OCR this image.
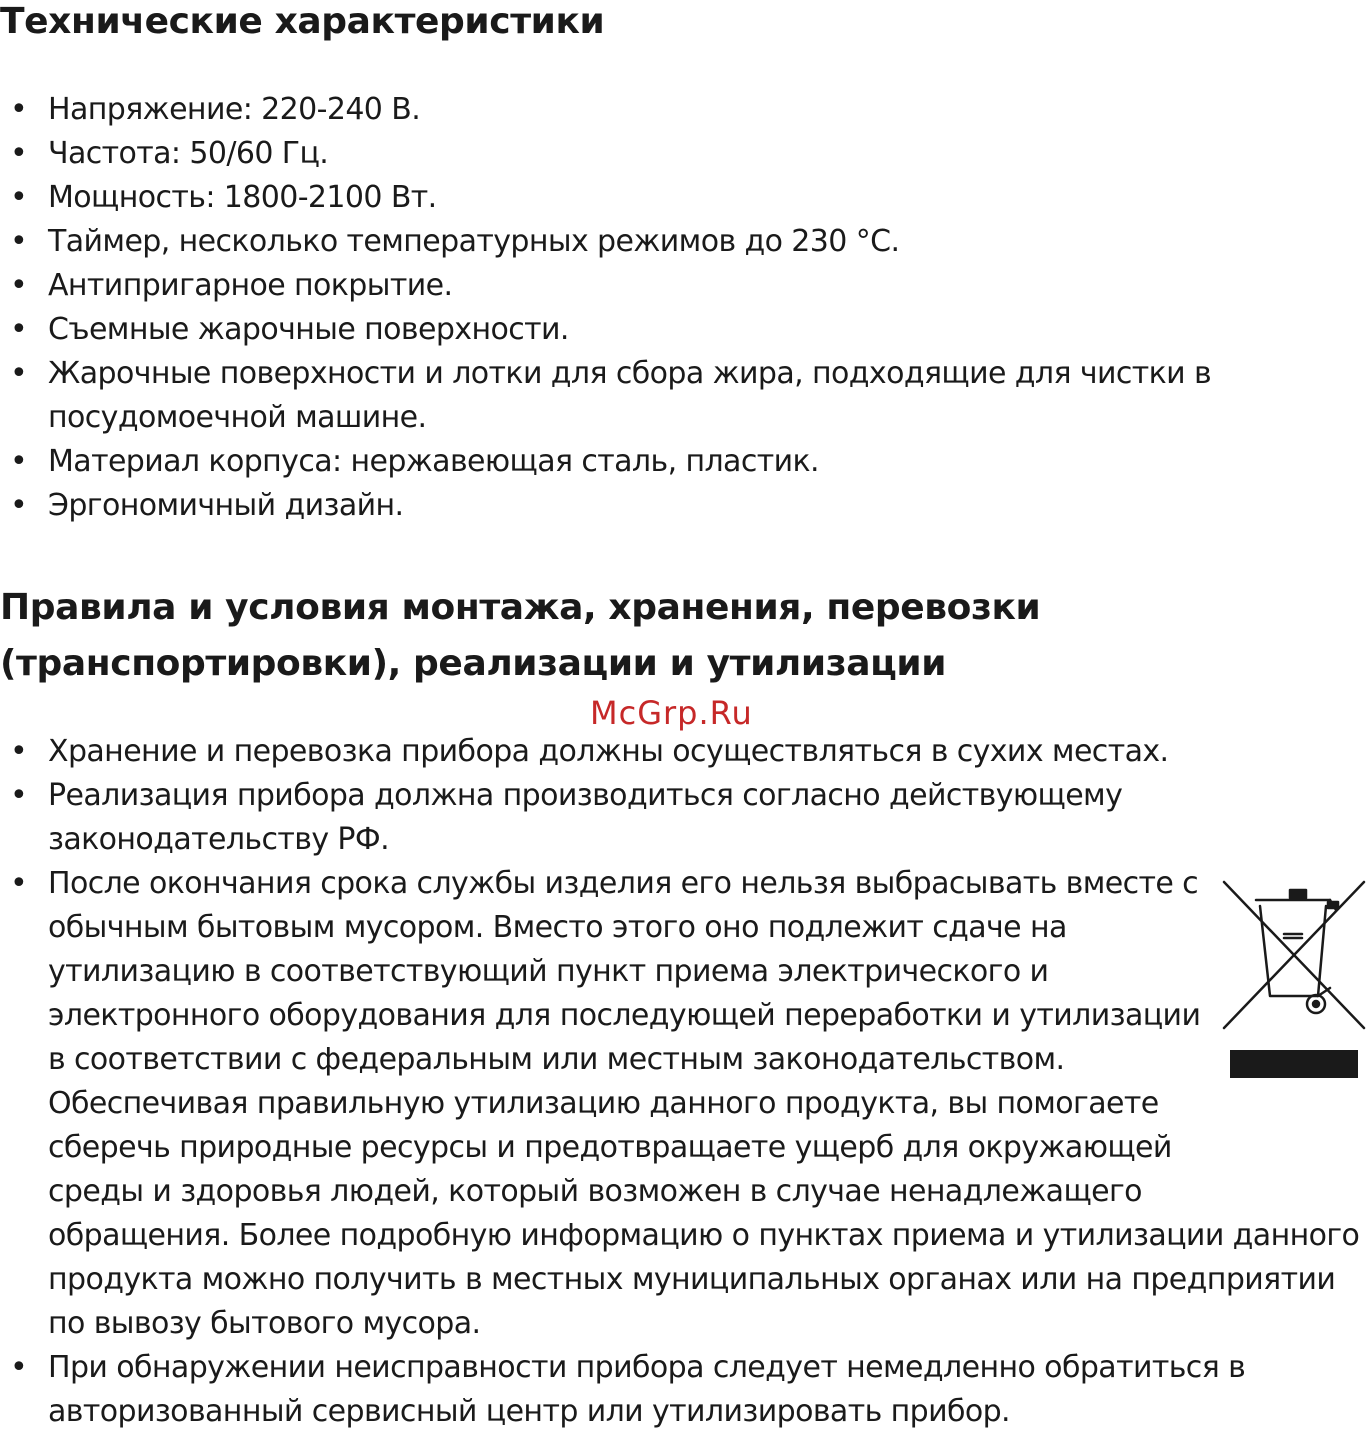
Технические характеристики
• Напряжение: 220-240 В.
• Частота: 50/60 Гц.
• Мощность: 1800-2100 Вт.
• Таймер, несколько температурных режимов до 230 °C.
• Антипригарное покрытие.
• Съемные жарочные поверхности.
• Жарочные поверхности и лотки для сбора жира, подходящие для чистки в посудомоечной машине.
• Материал корпуса: нержавеющая сталь, пластик.
• Эргономичный дизайн.
Правила и условия монтажа, хранения, перевозки
(транспортировки), реализации и утилизации
McGrp.Ru
• Хранение и перевозка прибора должны осуществляться в сухих местах.
• Реализация прибора должна производиться согласно действующему законодательству РФ.
• После окончания срока службы изделия его нельзя выбрасывать вместе с обычным бытовым мусором. Вместо этого оно подлежит сдаче на утилизацию в соответствующий пункт приема электрического и электронного оборудования для последующей переработки и утилизации в соответствии с федеральным или местным законодательством. Обеспечивая правильную утилизацию данного продукта, вы помогаете сберечь природные ресурсы и предотвращаете ущерб для окружающей среды и здоровья людей, который возможен в случае ненадлежащего обращения. Более подробную информацию о пунктах приема и утилизации данного продукта можно получить в местных муниципальных органах или на предприятии по вывозу бытового мусора.
• При обнаружении неисправности прибора следует немедленно обратиться в авторизованный сервисный центр или утилизировать прибор.
